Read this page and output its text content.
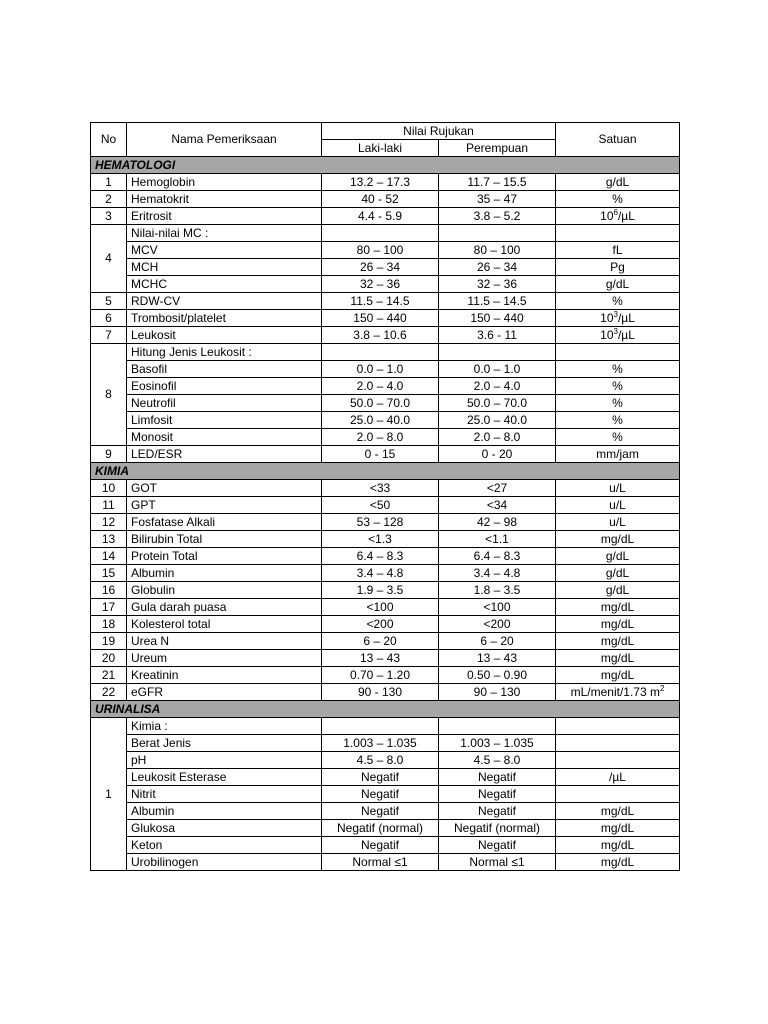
No	Nama Pemeriksaan	Nilai Rujukan		Satuan
		Laki-laki	Perempuan	
HEMATOLOGI				
1	Hemoglobin	13.2 – 17.3	11.7 – 15.5	g/dL
2	Hematokrit	40 - 52	35 – 47	%
3	Eritrosit	4.4 - 5.9	3.8 – 5.2	$10^6/\mu L$
4	Nilai-nilai MC :			
	MCV	80 – 100	80 – 100	fL
	MCH	26 – 34	26 – 34	Pg
	MCHC	32 – 36	32 – 36	g/dL
5	RDW-CV	11.5 – 14.5	11.5 – 14.5	%
6	Trombosit/platelet	150 – 440	150 – 440	$10^3/\mu L$
7	Leukosit	3.8 – 10.6	3.6 - 11	$10^3/\mu L$
8	Hitung Jenis Leukosit :			
	Basofil	0.0 – 1.0	0.0 – 1.0	%
	Eosinofil	2.0 – 4.0	2.0 – 4.0	%
	Neutrofil	50.0 – 70.0	50.0 – 70.0	%
	Limfosit	25.0 – 40.0	25.0 – 40.0	%
	Monosit	2.0 – 8.0	2.0 – 8.0	%
9	LED/ESR	0 - 15	0 - 20	mm/jam
KIMIA				
10	GOT	<33	<27	u/L
11	GPT	<50	<34	u/L
12	Fosfatase Alkali	53 – 128	42 – 98	u/L
13	Bilirubin Total	<1.3	<1.1	mg/dL
14	Protein Total	6.4 – 8.3	6.4 – 8.3	g/dL
15	Albumin	3.4 – 4.8	3.4 – 4.8	g/dL
16	Globulin	1.9 – 3.5	1.8 – 3.5	g/dL
17	Gula darah puasa	<100	<100	mg/dL
18	Kolesterol total	<200	<200	mg/dL
19	Urea N	6 – 20	6 – 20	mg/dL
20	Ureum	13 – 43	13 – 43	mg/dL
21	Kreatinin	0.70 – 1.20	0.50 – 0.90	mg/dL
22	eGFR	90 - 130	90 – 130	mL/menit/1.73 $m^2$
URINALISA				
1	Kimia :			
	Berat Jenis	1.003 – 1.035	1.003 – 1.035	
	pH	4.5 – 8.0	4.5 – 8.0	
	Leukosit Esterase	Negatif	Negatif	/µL
	Nitrit	Negatif	Negatif	
	Albumin	Negatif	Negatif	mg/dL
	Glukosa	Negatif (normal)	Negatif (normal)	mg/dL
	Keton	Negatif	Negatif	mg/dL
	Urobilinogen	Normal ≤1	Normal ≤1	mg/dL
